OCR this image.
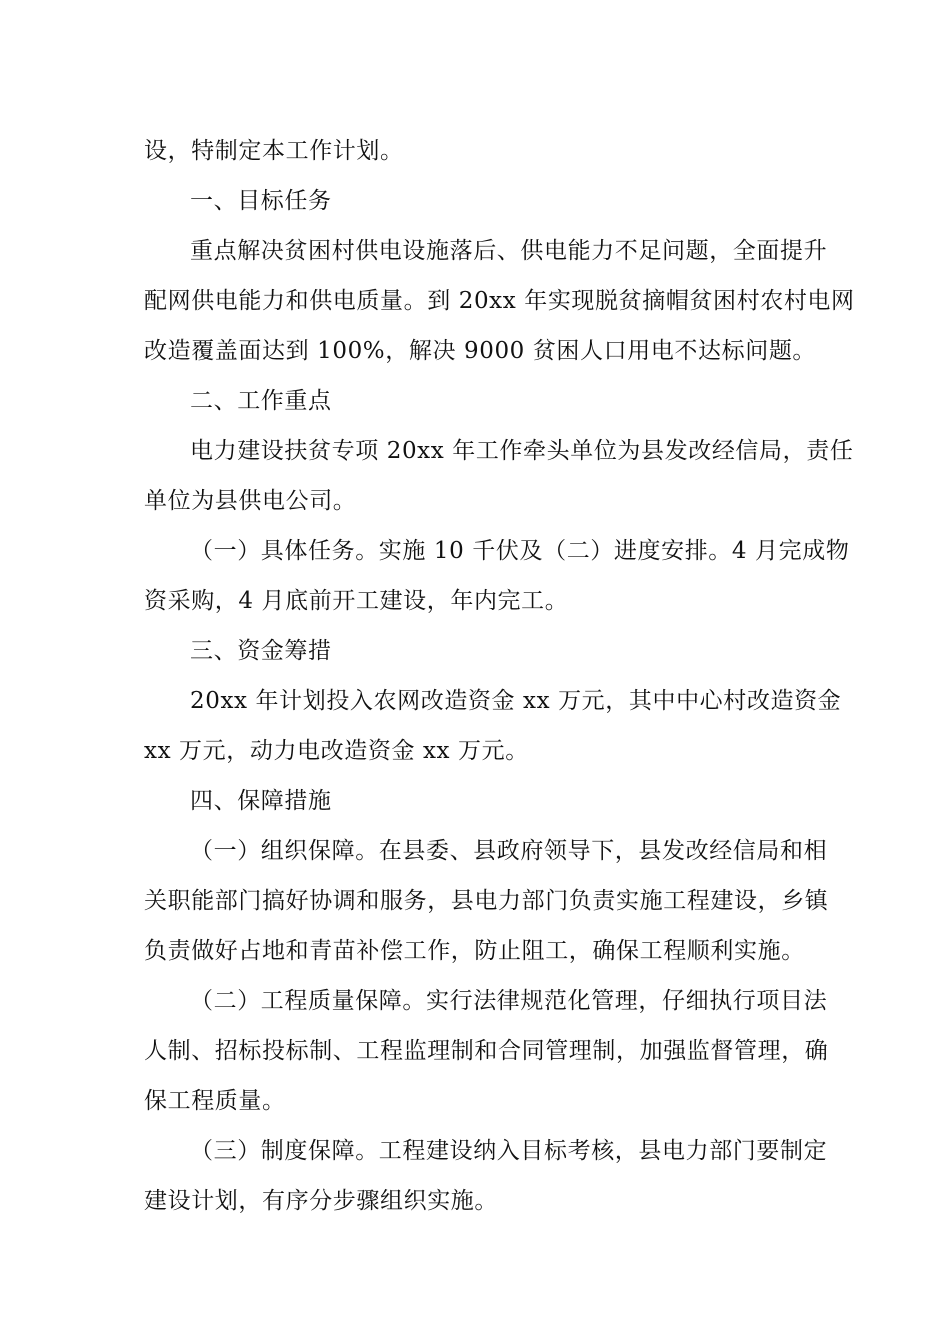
设，特制定本工作计划。
一、目标任务
重点解决贫困村供电设施落后、供电能力不足问题，全面提升
配网供电能力和供电质量。到 20xx 年实现脱贫摘帽贫困村农村电网
改造覆盖面达到 100%，解决 9000 贫困人口用电不达标问题。
二、工作重点
电力建设扶贫专项 20xx 年工作牵头单位为县发改经信局，责任
单位为县供电公司。
（一）具体任务。实施 10 千伏及（二）进度安排。4 月完成物
资采购，4 月底前开工建设，年内完工。
三、资金筹措
20xx 年计划投入农网改造资金 xx 万元，其中中心村改造资金
xx 万元，动力电改造资金 xx 万元。
四、保障措施
（一）组织保障。在县委、县政府领导下，县发改经信局和相
关职能部门搞好协调和服务，县电力部门负责实施工程建设，乡镇
负责做好占地和青苗补偿工作，防止阻工，确保工程顺利实施。
（二）工程质量保障。实行法律规范化管理，仔细执行项目法
人制、招标投标制、工程监理制和合同管理制，加强监督管理，确
保工程质量。
（三）制度保障。工程建设纳入目标考核，县电力部门要制定
建设计划，有序分步骤组织实施。
